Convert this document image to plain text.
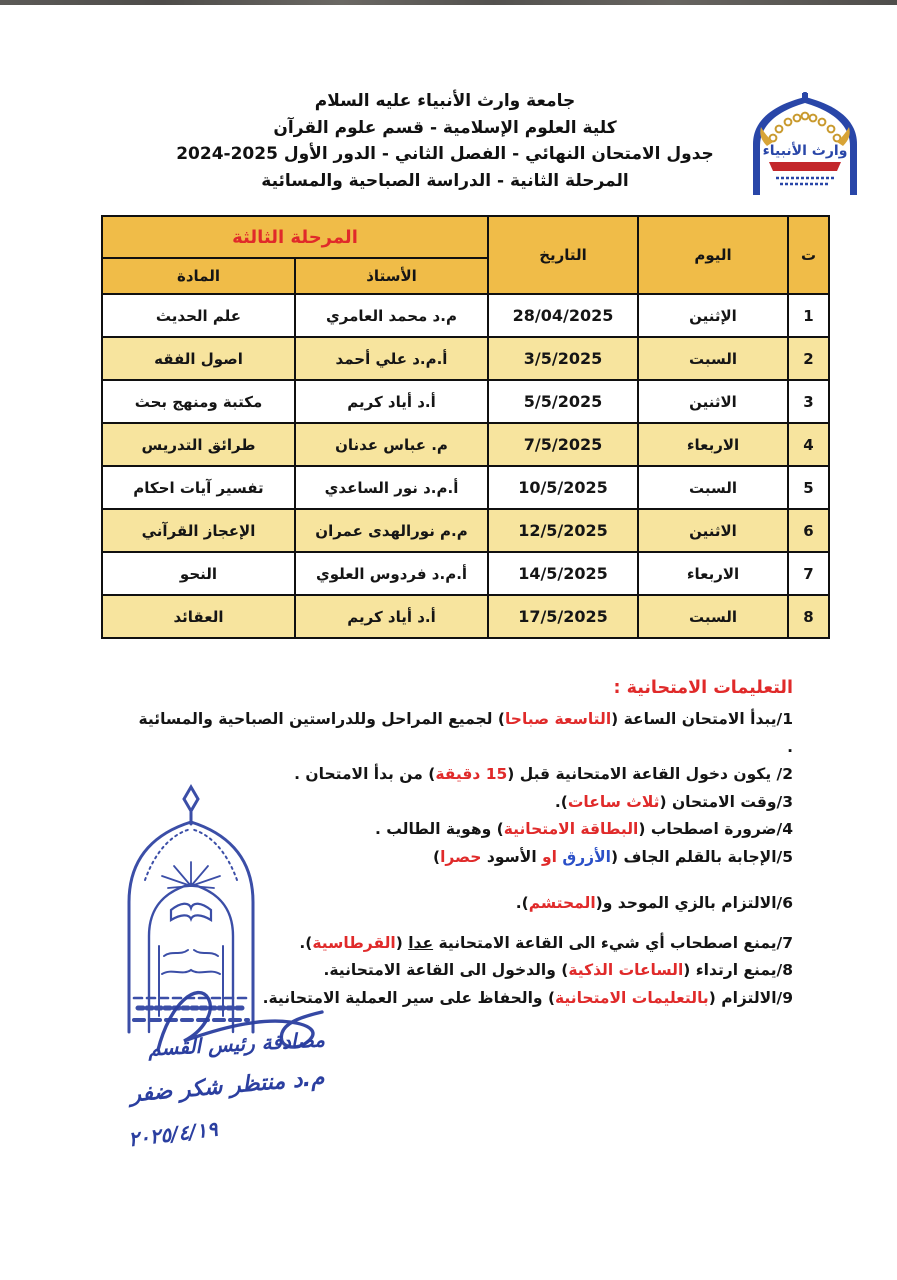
وارث الأنبياء
جامعة وارث الأنبياء عليه السلام
كلية العلوم الإسلامية - قسم علوم القرآن
جدول الامتحان النهائي - الفصل الثاني - الدور الأول 2025-2024
المرحلة الثانية - الدراسة الصباحية والمسائية
ت	اليوم	التاريخ	المرحلة الثالثة	
			الأستاذ	المادة
1	الإثنين	28/04/2025	م.د محمد العامري	علم الحديث
2	السبت	3/5/2025	أ.م.د علي أحمد	اصول الفقه
3	الاثنين	5/5/2025	أ.د أياد كريم	مكتبة ومنهج بحث
4	الاربعاء	7/5/2025	م. عباس عدنان	طرائق التدريس
5	السبت	10/5/2025	أ.م.د نور الساعدي	تفسير آيات احكام
6	الاثنين	12/5/2025	م.م نورالهدى عمران	الإعجاز القرآني
7	الاربعاء	14/5/2025	أ.م.د فردوس العلوي	النحو
8	السبت	17/5/2025	أ.د أياد كريم	العقائد
التعليمات الامتحانية :
1/يبدأ الامتحان الساعة (التاسعة صباحا) لجميع المراحل وللدراستين الصباحية والمسائية .
2/ يكون دخول القاعة الامتحانية قبل (15 دقيقة) من بدأ الامتحان .
3/وقت الامتحان (ثلاث ساعات).
4/ضرورة اصطحاب (البطاقة الامتحانية) وهوية الطالب .
5/الإجابة بالقلم الجاف (الأزرق او الأسود حصرا)
6/الالتزام بالزي الموحد و(المحتشم).
7/يمنع اصطحاب أي شيء الى القاعة الامتحانية عدا (القرطاسية).
8/يمنع ارتداء (الساعات الذكية) والدخول الى القاعة الامتحانية.
9/الالتزام (بالتعليمات الامتحانية) والحفاظ على سير العملية الامتحانية.
مصادقة رئيس القسم
م.د منتظر شكر ضفر
٢٠٢٥/٤/١٩
